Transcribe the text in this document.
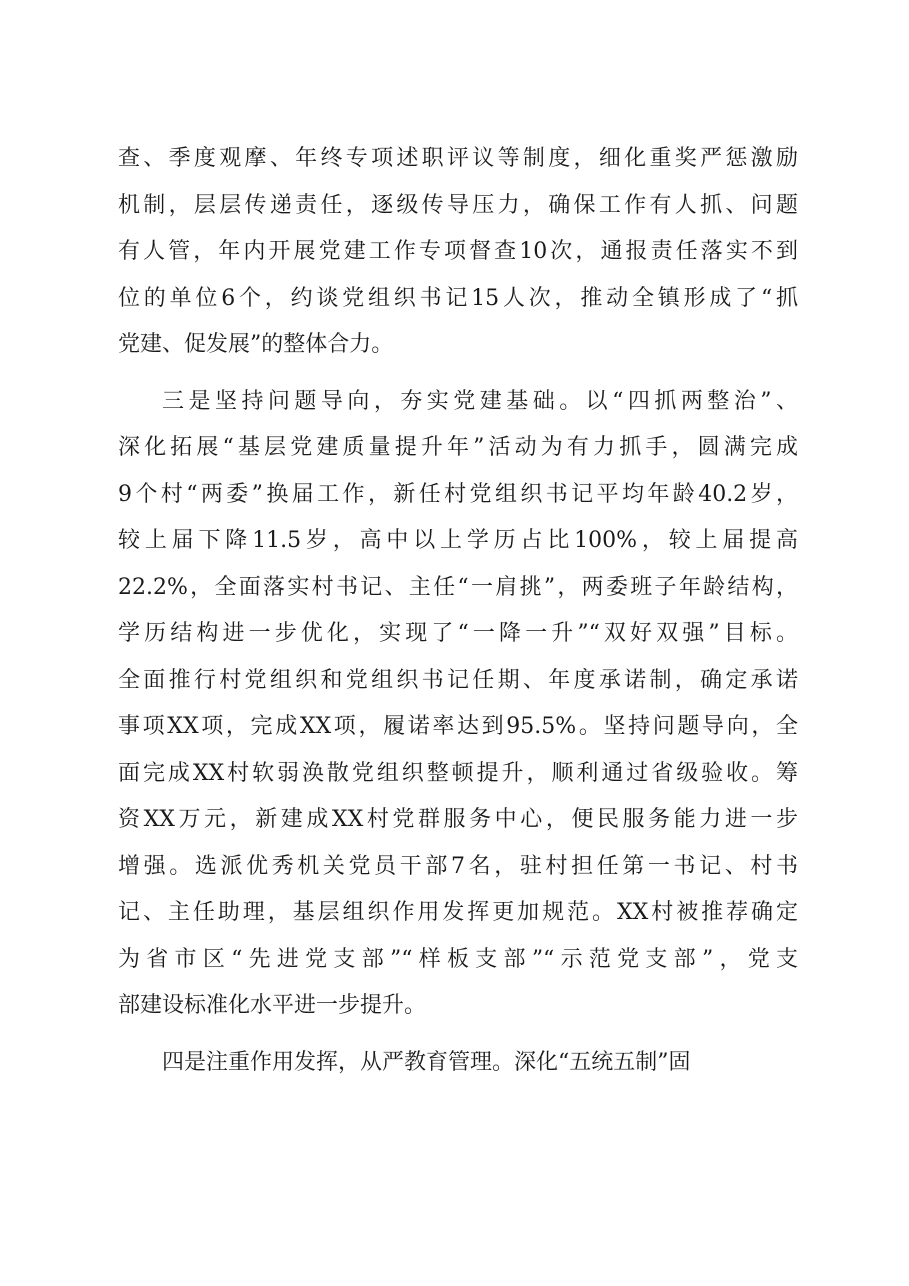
查、季度观摩、年终专项述职评议等制度，细化重奖严惩激励
机制，层层传递责任，逐级传导压力，确保工作有人抓、问题
有人管，年内开展党建工作专项督查10次，通报责任落实不到
位的单位6个，约谈党组织书记15人次，推动全镇形成了“抓
党建、促发展”的整体合力。
三是坚持问题导向，夯实党建基础。以“四抓两整治”、
深化拓展“基层党建质量提升年”活动为有力抓手，圆满完成
9个村“两委”换届工作，新任村党组织书记平均年龄40.2岁，
较上届下降11.5岁，高中以上学历占比100%，较上届提高
22.2%，全面落实村书记、主任“一肩挑”，两委班子年龄结构，
学历结构进一步优化，实现了“一降一升”“双好双强”目标。
全面推行村党组织和党组织书记任期、年度承诺制，确定承诺
事项XX项，完成XX项，履诺率达到95.5%。坚持问题导向，全
面完成XX村软弱涣散党组织整顿提升，顺利通过省级验收。筹
资XX万元，新建成XX村党群服务中心，便民服务能力进一步
增强。选派优秀机关党员干部7名，驻村担任第一书记、村书
记、主任助理，基层组织作用发挥更加规范。XX村被推荐确定
为省市区“先进党支部”“样板支部”“示范党支部”，党支
部建设标准化水平进一步提升。
四是注重作用发挥，从严教育管理。深化“五统五制”固
